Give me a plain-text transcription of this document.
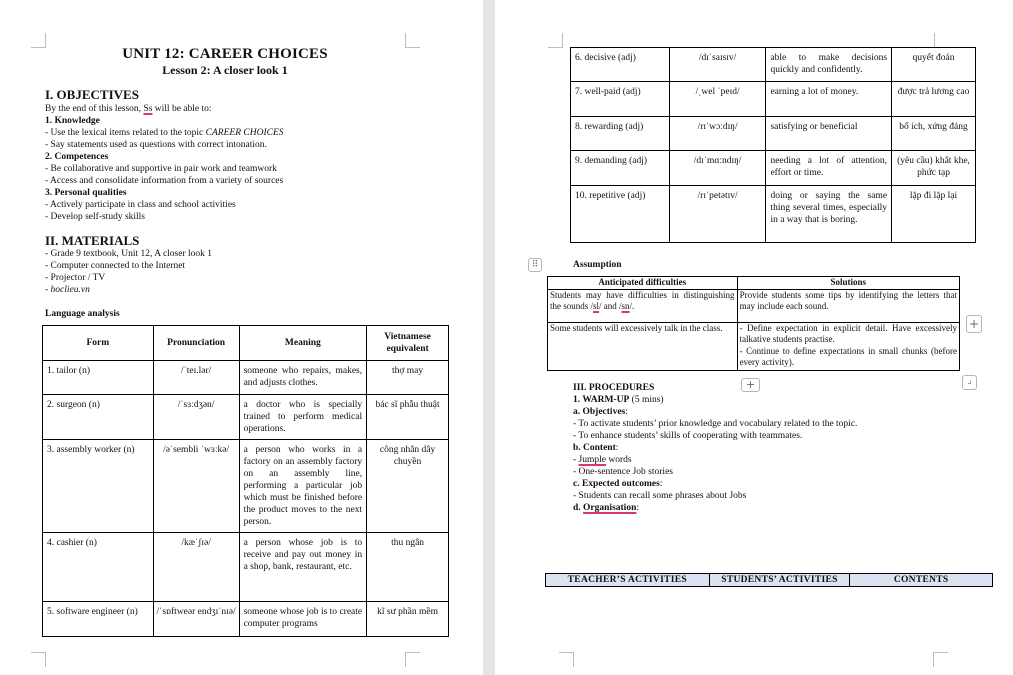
UNIT 12: CAREER CHOICES
Lesson 2: A closer look 1
I. OBJECTIVES
By the end of this lesson, Ss will be able to:
1. Knowledge
- Use the lexical items related to the topic CAREER CHOICES
- Say statements used as questions with correct intonation.
2. Competences
- Be collaborative and supportive in pair work and teamwork
- Access and consolidate information from a variety of sources
3. Personal qualities
- Actively participate in class and school activities
- Develop self-study skills
II. MATERIALS
- Grade 9 textbook, Unit 12, A closer look 1
- Computer connected to the Internet
- Projector / TV
- hoclieu.vn
Language analysis
Form	Pronunciation	Meaning	Vietnamese equivalent
1. tailor (n)	/ˈteɪ.lər/	someone who repairs, makes, and adjusts clothes.	thợ may
2. surgeon (n)	/ˈsɜːdʒən/	a doctor who is specially trained to perform medical operations.	bác sĩ phẫu thuật
3. assembly worker (n)	/əˈsembli ˈwɜːkə/	a person who works in a factory on an assembly factory on an assembly line, performing a particular job which must be finished before the product moves to the next person.	công nhân dây chuyền
4. cashier (n)	/kæˈʃɪə/	a person whose job is to receive and pay out money in a shop, bank, restaurant, etc.	thu ngân
5. software engineer (n)	/ˈsɒftweər endʒɪˈnɪə/	someone whose job is to create computer programs	kĩ sư phần mềm
6. decisive (adj)	/dɪˈsaɪsɪv/	able to make decisions quickly and confidently.	quyết đoán
7. well-paid (adj)	/ˌwel ˈpeɪd/	earning a lot of money.	được trả lương cao
8. rewarding (adj)	/rɪˈwɔːdɪŋ/	satisfying or beneficial	bổ ích, xứng đáng
9. demanding (adj)	/dɪˈmɑːndɪŋ/	needing a lot of attention, effort or time.	(yêu cầu) khắt khe, phức tạp
10. repetitive (adj)	/rɪˈpetətɪv/	doing or saying the same thing several times, especially in a way that is boring.	lặp đi lặp lại
⠿	Assumption
Anticipated difficulties	Solutions
Students may have difficulties in distinguishing the sounds /sl/ and /sn/.	Provide students some tips by identifying the letters that may include each sound.
Some students will excessively talk in the class.	- Define expectation in explicit detail. Have excessively talkative students practise.
- Continue to define expectations in small chunks (before every activity).
+
+	⌟
III. PROCEDURES
1. WARM-UP (5 mins)
a. Objectives:
- To activate students’ prior knowledge and vocabulary related to the topic.
- To enhance students’ skills of cooperating with teammates.
b. Content:
- Jumple words
- One-sentence Job stories
c. Expected outcomes:
- Students can recall some phrases about Jobs
d. Organisation:
TEACHER’S ACTIVITIES	STUDENTS’ ACTIVITIES	CONTENTS
